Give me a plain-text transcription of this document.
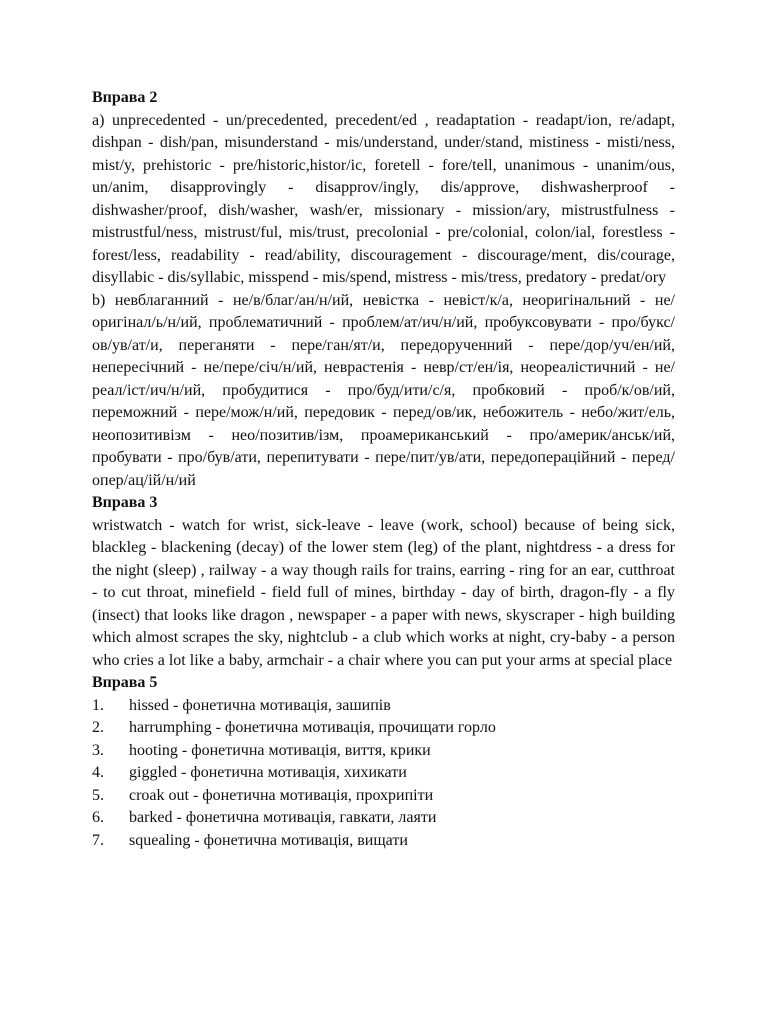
Вправа 2

a) unprecedented - un/precedented, precedent/ed , readaptation - readapt/ion, re/adapt, dishpan - dish/pan, misunderstand - mis/understand, under/stand, mistiness - misti/ness, mist/y, prehistoric - pre/historic,histor/ic, foretell - fore/tell, unanimous - unanim/ous, un/anim, disapprovingly - disapprov/ingly, dis/approve, dishwasherproof - dishwasher/proof, dish/washer, wash/er, missionary - mission/ary, mistrustfulness - mistrustful/ness, mistrust/ful, mis/trust, precolonial - pre/colonial, colon/ial, forestless - forest/less, readability - read/ability, discouragement - discourage/ment, dis/courage, disyllabic - dis/syllabic, misspend - mis/spend, mistress - mis/tress, predatory - predat/ory

b) невблаганний - не/в/благ/ан/н/ий, невістка - невіст/к/а, неоригінальний - не/оригінал/ь/н/ий, проблематичний - проблем/ат/ич/н/ий, пробуксовувати - про/букс/ов/ув/ат/и, переганяти - пере/ган/ят/и, передорученний - пере/дор/уч/ен/ий, непересічний - не/пере/січ/н/ий, неврастенія - невр/ст/ен/ія, неореалістичний - не/реал/іст/ич/н/ий, пробудитися - про/буд/ити/с/я, пробковий - проб/к/ов/ий, переможний - пере/мож/н/ий, передовик - перед/ов/ик, небожитель - небо/жит/ель, неопозитивізм - нео/позитив/ізм, проамериканський - про/америк/анськ/ий, пробувати - про/був/ати, перепитувати - пере/пит/ув/ати, передопераційний - перед/опер/ац/ій/н/ий

Вправа 3

wristwatch - watch for wrist, sick-leave - leave (work, school) because of being sick, blackleg - blackening (decay) of the lower stem (leg) of the plant, nightdress - a dress for the night (sleep) , railway - a way though rails for trains, earring - ring for an ear, cutthroat - to cut throat, minefield - field full of mines, birthday - day of birth, dragon-fly - a fly (insect) that looks like dragon , newspaper - a paper with news, skyscraper - high building which almost scrapes the sky, nightclub - a club which works at night, cry-baby - a person who cries a lot like a baby, armchair - a chair where you can put your arms at special place

Вправа 5

1. hissed - фонетична мотивація, зашипів
2. harrumphing - фонетична мотивація, прочищати горло
3. hooting - фонетична мотивація, виття, крики
4. giggled - фонетична мотивація, хихикати
5. croak out - фонетична мотивація, прохрипіти
6. barked - фонетична мотивація, гавкати, лаяти
7. squealing - фонетична мотивація, вищати
